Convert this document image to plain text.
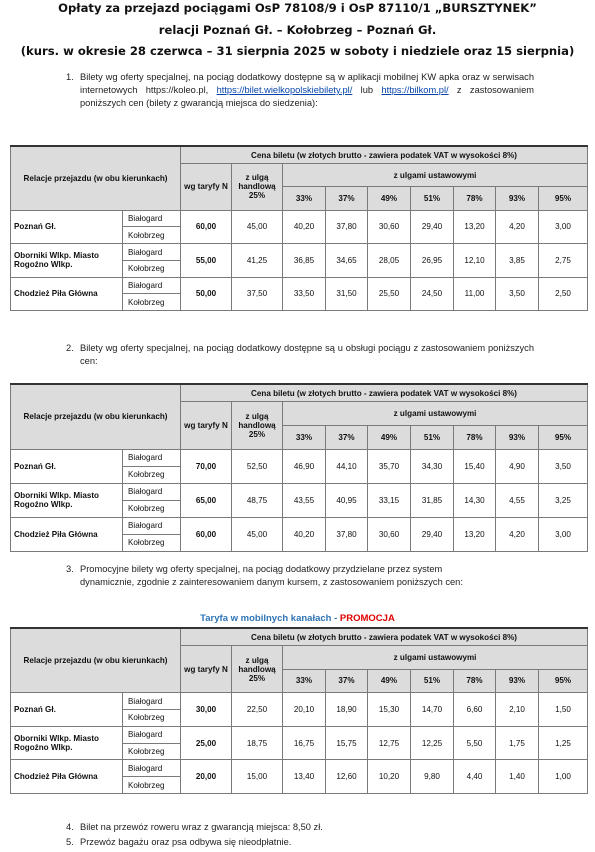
Opłaty za przejazd pociągami OsP 78108/9 i OsP 87110/1 „BURSZTYNEK”
relacji Poznań Gł. – Kołobrzeg – Poznań Gł.
(kurs. w okresie 28 czerwca – 31 sierpnia 2025 w soboty i niedziele oraz 15 sierpnia)
1. Bilety wg oferty specjalnej, na pociąg dodatkowy dostępne są w aplikacji mobilnej KW apka oraz w serwisach internetowych https://koleo.pl, https://bilet.wielkopolskiebilety.pl/ lub https://bilkom.pl/ z zastosowaniem poniższych cen (bilety z gwarancją miejsca do siedzenia):
Relacje przejazdu (w obu kierunkach)		Cena biletu (w złotych brutto - zawiera podatek VAT w wysokości 8%)								
		wg taryfy N	z ulgą handlową 25%	z ulgami ustawowymi						
				33%	37%	49%	51%	78%	93%	95%
Poznań Gł.	Białogard	60,00	45,00	40,20	37,80	30,60	29,40	13,20	4,20	3,00
	Kołobrzeg									
Oborniki Wlkp. Miasto Rogoźno Wlkp.	Białogard	55,00	41,25	36,85	34,65	28,05	26,95	12,10	3,85	2,75
	Kołobrzeg									
Chodzież Piła Główna	Białogard	50,00	37,50	33,50	31,50	25,50	24,50	11,00	3,50	2,50
	Kołobrzeg									
2. Bilety wg oferty specjalnej, na pociąg dodatkowy dostępne są u obsługi pociągu z zastosowaniem poniższych cen:
Relacje przejazdu (w obu kierunkach)		Cena biletu (w złotych brutto - zawiera podatek VAT w wysokości 8%)								
		wg taryfy N	z ulgą handlową 25%	z ulgami ustawowymi						
				33%	37%	49%	51%	78%	93%	95%
Poznań Gł.	Białogard	70,00	52,50	46,90	44,10	35,70	34,30	15,40	4,90	3,50
	Kołobrzeg									
Oborniki Wlkp. Miasto Rogoźno Wlkp.	Białogard	65,00	48,75	43,55	40,95	33,15	31,85	14,30	4,55	3,25
	Kołobrzeg									
Chodzież Piła Główna	Białogard	60,00	45,00	40,20	37,80	30,60	29,40	13,20	4,20	3,00
	Kołobrzeg									
3. Promocyjne bilety wg oferty specjalnej, na pociąg dodatkowy przydzielane przez system dynamicznie, zgodnie z zainteresowaniem danym kursem, z zastosowaniem poniższych cen:
Taryfa w mobilnych kanałach - PROMOCJA
Relacje przejazdu (w obu kierunkach)		Cena biletu (w złotych brutto - zawiera podatek VAT w wysokości 8%)								
		wg taryfy N	z ulgą handlową 25%	z ulgami ustawowymi						
				33%	37%	49%	51%	78%	93%	95%
Poznań Gł.	Białogard	30,00	22,50	20,10	18,90	15,30	14,70	6,60	2,10	1,50
	Kołobrzeg									
Oborniki Wlkp. Miasto Rogoźno Wlkp.	Białogard	25,00	18,75	16,75	15,75	12,75	12,25	5,50	1,75	1,25
	Kołobrzeg									
Chodzież Piła Główna	Białogard	20,00	15,00	13,40	12,60	10,20	9,80	4,40	1,40	1,00
	Kołobrzeg									
4. Bilet na przewóz roweru wraz z gwarancją miejsca: 8,50 zł.
5. Przewóz bagażu oraz psa odbywa się nieodpłatnie.
